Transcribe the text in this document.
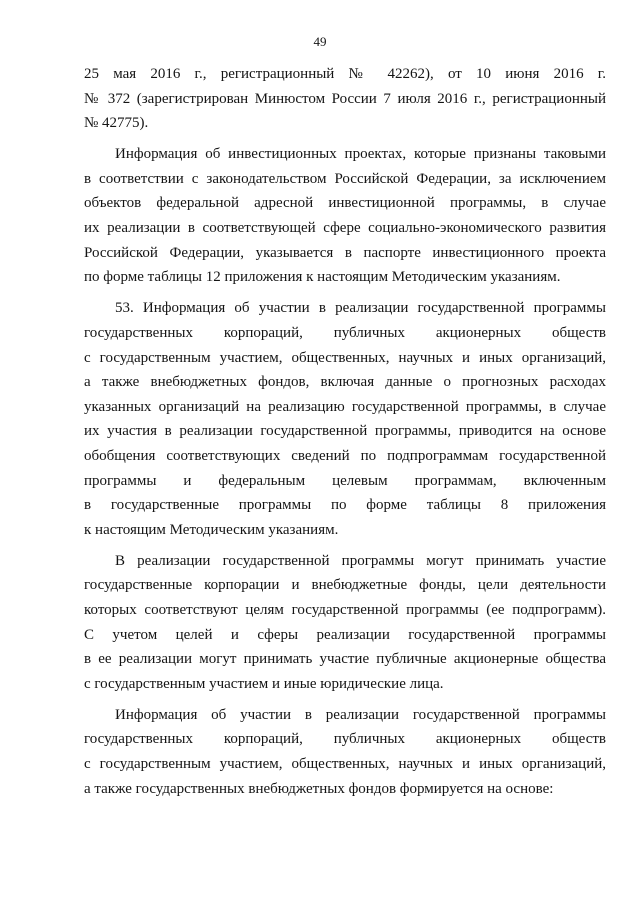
49

25 мая 2016 г., регистрационный № 42262), от 10 июня 2016 г.
№ 372 (зарегистрирован Минюстом России 7 июля 2016 г., регистрационный
№ 42775).

Информация об инвестиционных проектах, которые признаны таковыми
в соответствии с законодательством Российской Федерации, за исключением
объектов федеральной адресной инвестиционной программы, в случае
их реализации в соответствующей сфере социально-экономического развития
Российской Федерации, указывается в паспорте инвестиционного проекта
по форме таблицы 12 приложения к настоящим Методическим указаниям.

53. Информация об участии в реализации государственной программы
государственных корпораций, публичных акционерных обществ
с государственным участием, общественных, научных и иных организаций,
а также внебюджетных фондов, включая данные о прогнозных расходах
указанных организаций на реализацию государственной программы, в случае
их участия в реализации государственной программы, приводится на основе
обобщения соответствующих сведений по подпрограммам государственной
программы и федеральным целевым программам, включенным
в государственные программы по форме таблицы 8 приложения
к настоящим Методическим указаниям.

В реализации государственной программы могут принимать участие
государственные корпорации и внебюджетные фонды, цели деятельности
которых соответствуют целям государственной программы (ее подпрограмм).
С учетом целей и сферы реализации государственной программы
в ее реализации могут принимать участие публичные акционерные общества
с государственным участием и иные юридические лица.

Информация об участии в реализации государственной программы
государственных корпораций, публичных акционерных обществ
с государственным участием, общественных, научных и иных организаций,
а также государственных внебюджетных фондов формируется на основе:
